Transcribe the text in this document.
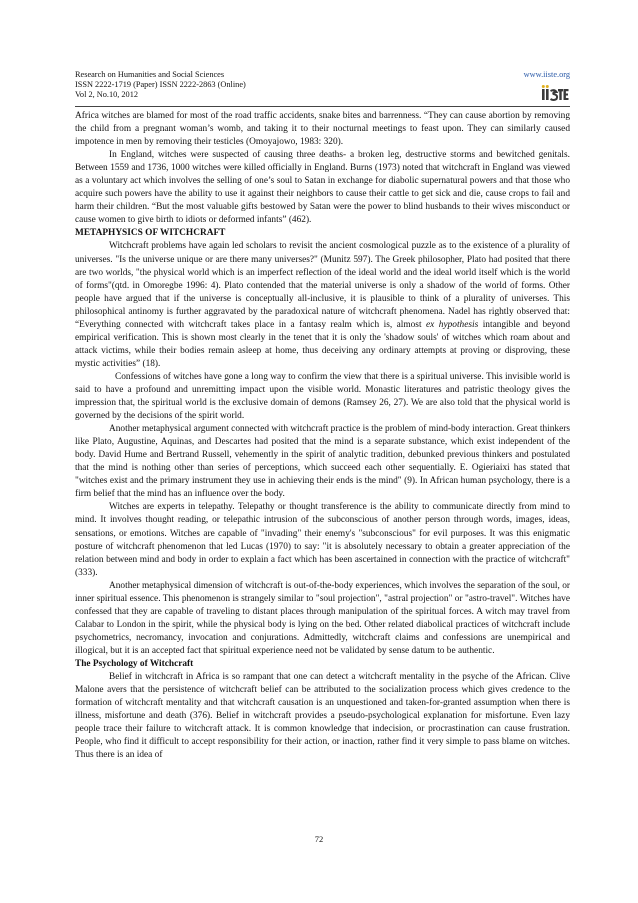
Research on Humanities and Social Sciences
ISSN 2222-1719 (Paper) ISSN 2222-2863 (Online)
Vol 2, No.10, 2012
www.iiste.org

Africa witches are blamed for most of the road traffic accidents, snake bites and barrenness. “They can cause abortion by removing the child from a pregnant woman’s womb, and taking it to their nocturnal meetings to feast upon. They can similarly caused impotence in men by removing their testicles (Omoyajowo, 1983: 320).

In England, witches were suspected of causing three deaths- a broken leg, destructive storms and bewitched genitals. Between 1559 and 1736, 1000 witches were killed officially in England. Burns (1973) noted that witchcraft in England was viewed as a voluntary act which involves the selling of one’s soul to Satan in exchange for diabolic supernatural powers and that those who acquire such powers have the ability to use it against their neighbors to cause their cattle to get sick and die, cause crops to fail and harm their children. “But the most valuable gifts bestowed by Satan were the power to blind husbands to their wives misconduct or cause women to give birth to idiots or deformed infants” (462).

METAPHYSICS OF WITCHCRAFT

Witchcraft problems have again led scholars to revisit the ancient cosmological puzzle as to the existence of a plurality of universes. "Is the universe unique or are there many universes?" (Munitz 597). The Greek philosopher, Plato had posited that there are two worlds, "the physical world which is an imperfect reflection of the ideal world and the ideal world itself which is the world of forms"(qtd. in Omoregbe 1996: 4). Plato contended that the material universe is only a shadow of the world of forms. Other people have argued that if the universe is conceptually all-inclusive, it is plausible to think of a plurality of universes. This philosophical antinomy is further aggravated by the paradoxical nature of witchcraft phenomena. Nadel has rightly observed that: “Everything connected with witchcraft takes place in a fantasy realm which is, almost ex hypothesis intangible and beyond empirical verification. This is shown most clearly in the tenet that it is only the 'shadow souls' of witches which roam about and attack victims, while their bodies remain asleep at home, thus deceiving any ordinary attempts at proving or disproving, these mystic activities” (18).

Confessions of witches have gone a long way to confirm the view that there is a spiritual universe. This invisible world is said to have a profound and unremitting impact upon the visible world. Monastic literatures and patristic theology gives the impression that, the spiritual world is the exclusive domain of demons (Ramsey 26, 27). We are also told that the physical world is governed by the decisions of the spirit world.

Another metaphysical argument connected with witchcraft practice is the problem of mind-body interaction. Great thinkers like Plato, Augustine, Aquinas, and Descartes had posited that the mind is a separate substance, which exist independent of the body. David Hume and Bertrand Russell, vehemently in the spirit of analytic tradition, debunked previous thinkers and postulated that the mind is nothing other than series of perceptions, which succeed each other sequentially. E. Ogieriaixi has stated that "witches exist and the primary instrument they use in achieving their ends is the mind" (9). In African human psychology, there is a firm belief that the mind has an influence over the body.

Witches are experts in telepathy. Telepathy or thought transference is the ability to communicate directly from mind to mind. It involves thought reading, or telepathic intrusion of the subconscious of another person through words, images, ideas, sensations, or emotions. Witches are capable of "invading" their enemy's "subconscious" for evil purposes. It was this enigmatic posture of witchcraft phenomenon that led Lucas (1970) to say: "it is absolutely necessary to obtain a greater appreciation of the relation between mind and body in order to explain a fact which has been ascertained in connection with the practice of witchcraft" (333).

Another metaphysical dimension of witchcraft is out-of-the-body experiences, which involves the separation of the soul, or inner spiritual essence. This phenomenon is strangely similar to "soul projection", "astral projection" or "astro-travel". Witches have confessed that they are capable of traveling to distant places through manipulation of the spiritual forces. A witch may travel from Calabar to London in the spirit, while the physical body is lying on the bed. Other related diabolical practices of witchcraft include psychometrics, necromancy, invocation and conjurations. Admittedly, witchcraft claims and confessions are unempirical and illogical, but it is an accepted fact that spiritual experience need not be validated by sense datum to be authentic.

The Psychology of Witchcraft

Belief in witchcraft in Africa is so rampant that one can detect a witchcraft mentality in the psyche of the African. Clive Malone avers that the persistence of witchcraft belief can be attributed to the socialization process which gives credence to the formation of witchcraft mentality and that witchcraft causation is an unquestioned and taken-for-granted assumption when there is illness, misfortune and death (376). Belief in witchcraft provides a pseudo-psychological explanation for misfortune. Even lazy people trace their failure to witchcraft attack. It is common knowledge that indecision, or procrastination can cause frustration. People, who find it difficult to accept responsibility for their action, or inaction, rather find it very simple to pass blame on witches. Thus there is an idea of

72
